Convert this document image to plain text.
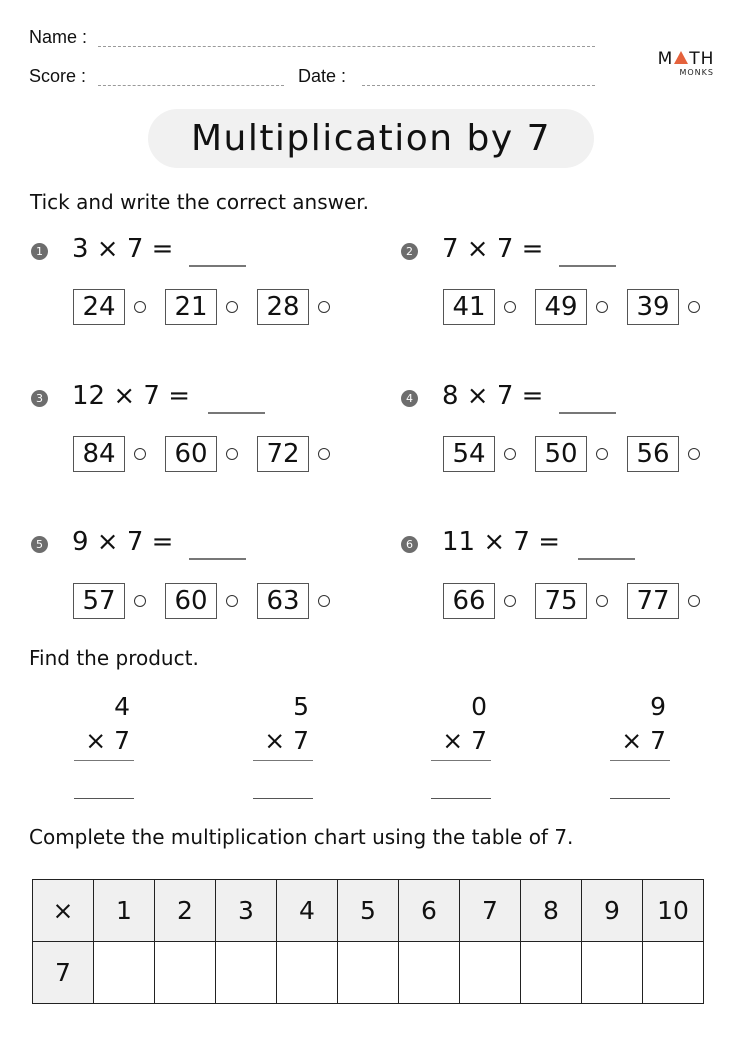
Name :
Score :	Date :
M TH
MONKS
Multiplication by 7
Tick and write the correct answer.
1 3 × 7 =
24	21	28
2 7 × 7 =
41	49	39
3 12 × 7 =
84	60	72
4 8 × 7 =
54	50	56
5 9 × 7 =
57	60	63
6 11 × 7 =
66	75	77
Find the product.
4
× 7
5
× 7
0
× 7
9
× 7
Complete the multiplication chart using the table of 7.
×	1	2	3	4	5	6	7	8	9	10
7										
